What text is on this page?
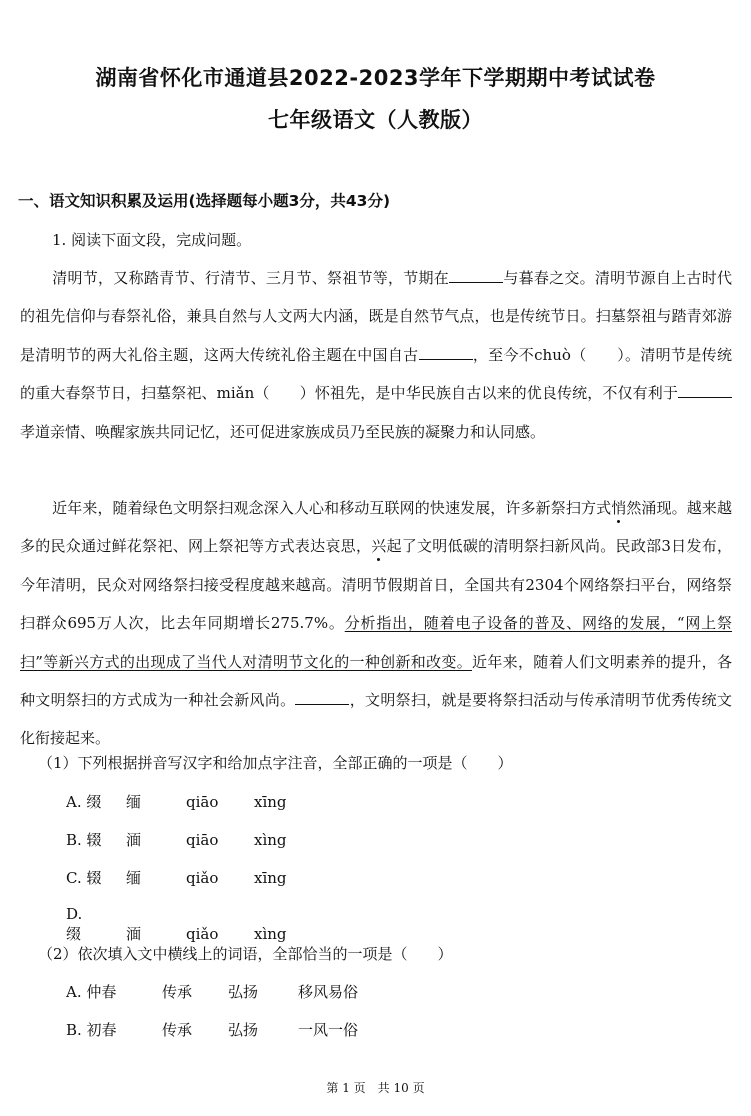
湖南省怀化市通道县2022-2023学年下学期期中考试试卷
七年级语文（人教版）
一、语文知识积累及运用(选择题每小题3分，共43分)
1. 阅读下面文段，完成问题。
清明节，又称踏青节、行清节、三月节、祭祖节等，节期在	与暮春之交。清明节源自上古时代的祖先信仰与春祭礼俗，兼具自然与人文两大内涵，既是自然节气点，也是传统节日。扫墓祭祖与踏青郊游是清明节的两大礼俗主题，这两大传统礼俗主题在中国自古	，至今不chuò（　　）。清明节是传统的重大春祭节日，扫墓祭祀、miǎn（　　）怀祖先，是中华民族自古以来的优良传统，不仅有利于孝道亲情、唤醒家族共同记忆，还可促进家族成员乃至民族的凝聚力和认同感。
近年来，随着绿色文明祭扫观念深入人心和移动互联网的快速发展，许多新祭扫方式悄然涌现。越来越多的民众通过鲜花祭祀、网上祭祀等方式表达哀思，兴起了文明低碳的清明祭扫新风尚。民政部3日发布，今年清明，民众对网络祭扫接受程度越来越高。清明节假期首日，全国共有2304个网络祭扫平台，网络祭扫群众695万人次，比去年同期增长275.7%。分析指出，随着电子设备的普及、网络的发展，“网上祭扫”等新兴方式的出现成了当代人对清明节文化的一种创新和改变。近年来，随着人们文明素养的提升，各种文明祭扫的方式成为一种社会新风尚。	，文明祭扫，就是要将祭扫活动与传承清明节优秀传统文化衔接起来。
（1）下列根据拼音写汉字和给加点字注音，全部正确的一项是（　　）
A. 缀 缅	qiāo xīng
B. 辍 湎	qiāo xìng
C. 辍 缅	qiǎo xīng
D. 缀	湎	qiǎo xìng
（2）依次填入文中横线上的词语，全部恰当的一项是（　　）
A. 仲春	传承 弘扬	移风易俗
B. 初春	传承 弘扬	一风一俗
第 1 页　共 10 页
